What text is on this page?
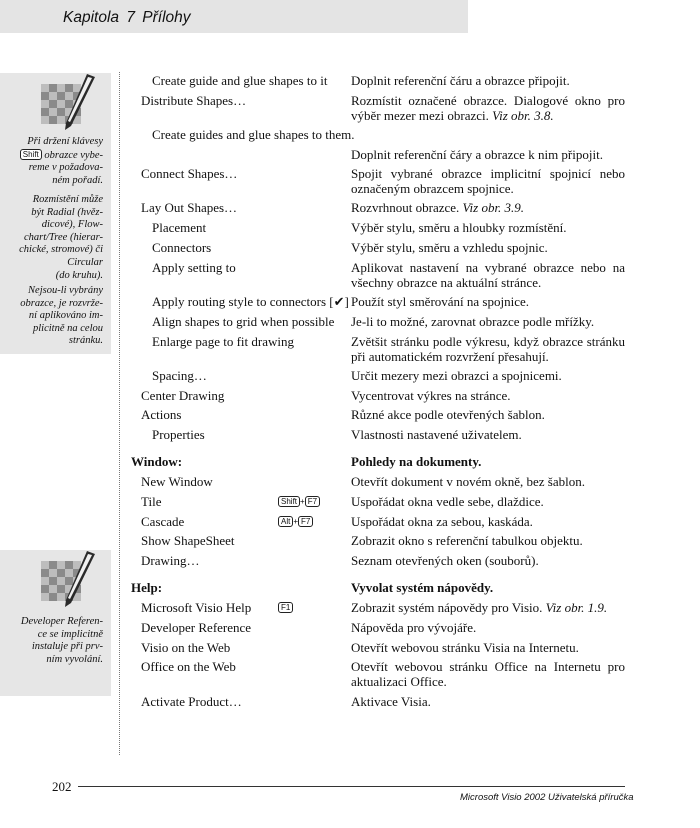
Kapitola 7 Přílohy

Při držení klávesy
Shift obrazce vybe-
reme v požadova-
ném pořadí.

Rozmístění může
být Radial (hvěz-
dicové), Flow-
chart/Tree (hierar-
chické, stromové) či
Circular
(do kruhu).

Nejsou-li vybrány
obrazce, je rozvrže-
ní aplikováno im-
plicitně na celou
stránku.

Developer Referen-
ce se implicitně
instaluje při prv-
ním vyvolání.

Create guide and glue shapes to it Doplnit referenční čáru a obrazce připojit.

Distribute Shapes…	Rozmístit označené obrazce. Dialogové okno pro výběr mezer mezi obrazci. Viz obr. 3.8.

Create guides and glue shapes to them.

Doplnit referenční čáry a obrazce k nim připojit.

Connect Shapes…	Spojit vybrané obrazce implicitní spojnicí nebo označeným obrazcem spojnice.

Lay Out Shapes…	Rozvrhnout obrazce. Viz obr. 3.9.

Placement	Výběr stylu, směru a hloubky rozmístění.

Connectors	Výběr stylu, směru a vzhledu spojnic.

Apply setting to	Aplikovat nastavení na vybrané obrazce nebo na všechny obrazce na aktuální stránce.

Apply routing style to connectors [✔] Použít styl směrování na spojnice.

Align shapes to grid when possible Je-li to možné, zarovnat obrazce podle mřížky.

Enlarge page to fit drawing	Zvětšit stránku podle výkresu, když obrazce stránku při automatickém rozvržení přesahují.

Spacing…	Určit mezery mezi obrazci a spojnicemi.

Center Drawing	Vycentrovat výkres na stránce.

Actions	Různé akce podle otevřených šablon.

Properties	Vlastnosti nastavené uživatelem.

Window:	Pohledy na dokumenty.

New Window	Otevřít dokument v novém okně, bez šablon.

Tile	Shift + F7	Uspořádat okna vedle sebe, dlaždice.

Cascade	Alt + F7	Uspořádat okna za sebou, kaskáda.

Show ShapeSheet	Zobrazit okno s referenční tabulkou objektu.

Drawing…	Seznam otevřených oken (souborů).

Help:	Vyvolat systém nápovědy.

Microsoft Visio Help	F1	Zobrazit systém nápovědy pro Visio. Viz obr. 1.9.

Developer Reference	Nápověda pro vývojáře.

Visio on the Web	Otevřít webovou stránku Visia na Internetu.

Office on the Web	Otevřít webovou stránku Office na Internetu pro aktualizaci Office.

Activate Product…	Aktivace Visia.

202
Microsoft Visio 2002 Uživatelská příručka
